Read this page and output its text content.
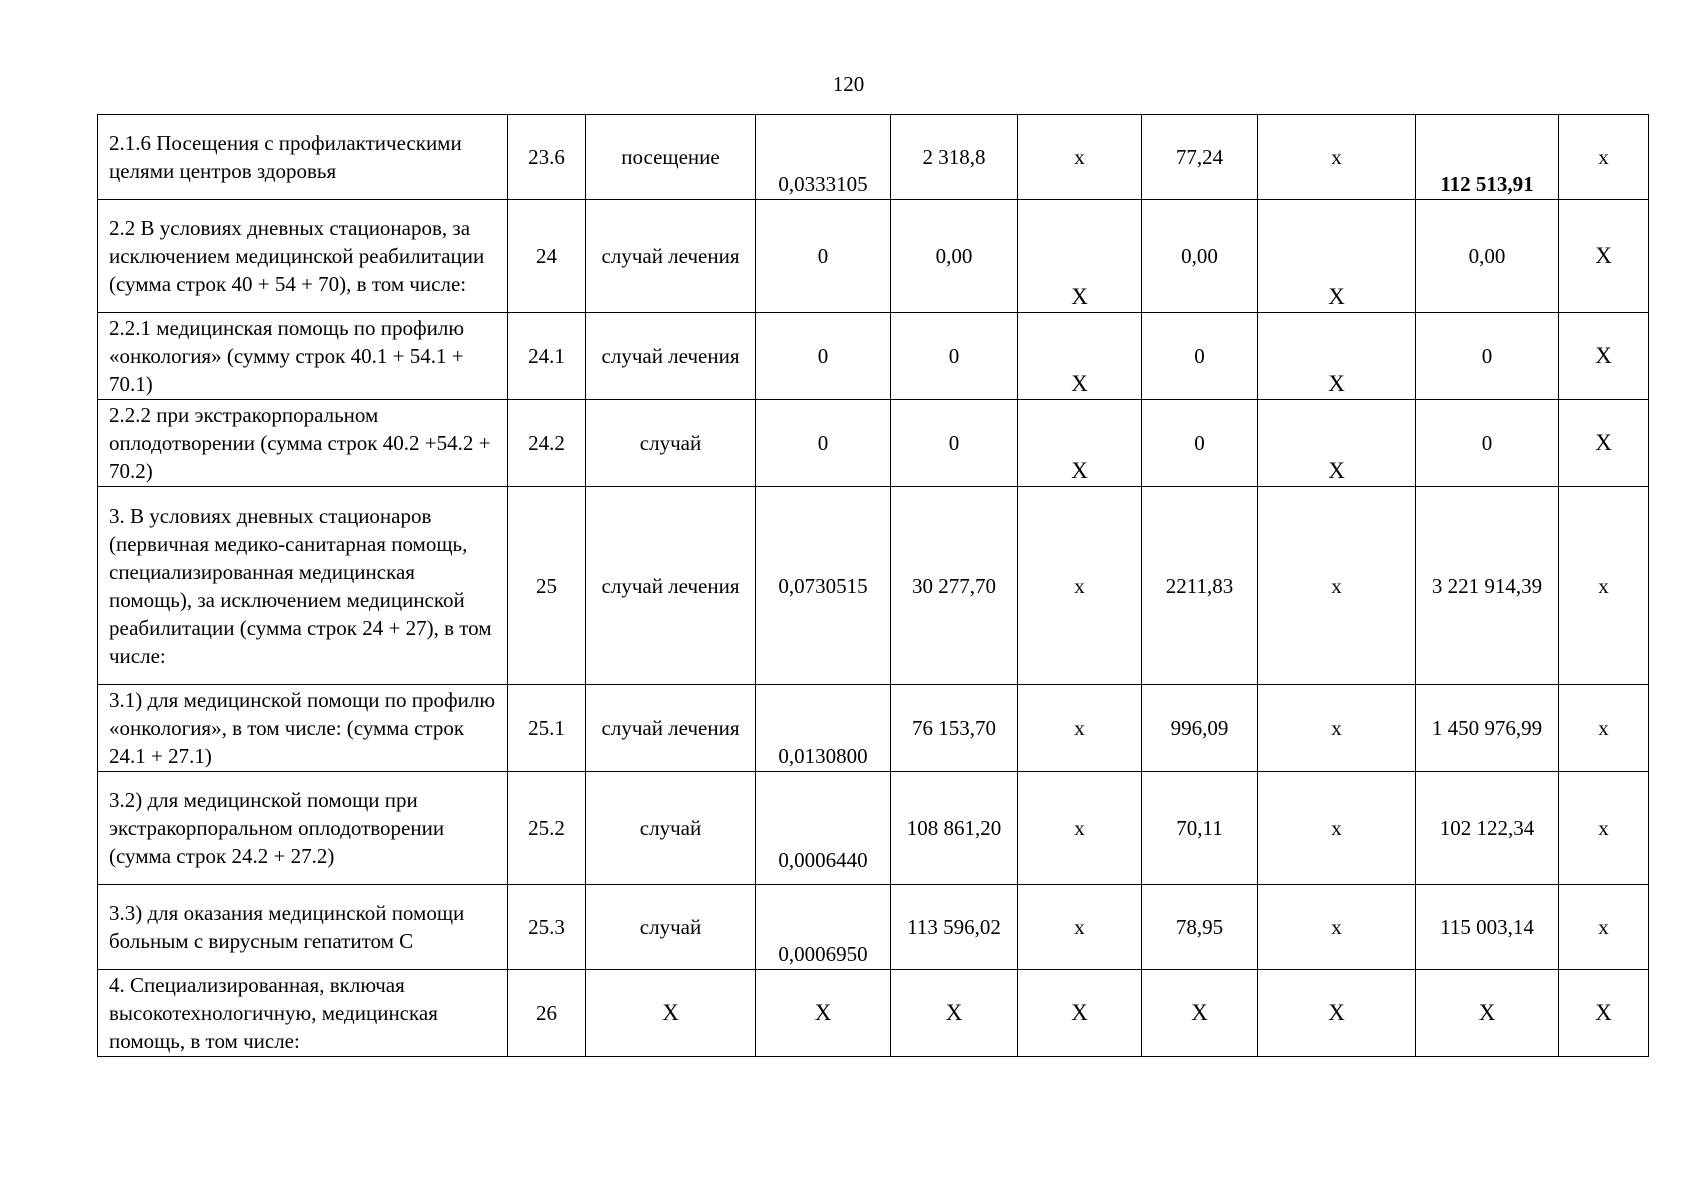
120
2.1.6 Посещения с профилактическими целями центров здоровья	23.6	посещение	0,0333105	2 318,8	x	77,24	x	112 513,91	x
2.2 В условиях дневных стационаров, за исключением медицинской реабилитации (сумма строк 40 + 54 + 70), в том числе:	24	случай лечения	0	0,00	X	0,00	X	0,00	X
2.2.1 медицинская помощь по профилю «онкология» (сумму строк 40.1 + 54.1 + 70.1)	24.1	случай лечения	0	0	X	0	X	0	X
2.2.2 при экстракорпоральном оплодотворении (сумма строк 40.2 +54.2 + 70.2)	24.2	случай	0	0	X	0	X	0	X
3. В условиях дневных стационаров (первичная медико-санитарная помощь, специализированная медицинская помощь), за исключением медицинской реабилитации (сумма строк 24 + 27), в том числе:	25	случай лечения	0,0730515	30 277,70	x	2211,83	x	3 221 914,39	x
3.1) для медицинской помощи по профилю «онкология», в том числе: (сумма строк 24.1 + 27.1)	25.1	случай лечения	0,0130800	76 153,70	x	996,09	x	1 450 976,99	x
3.2) для медицинской помощи при экстракорпоральном оплодотворении (сумма строк 24.2 + 27.2)	25.2	случай	0,0006440	108 861,20	x	70,11	x	102 122,34	x
3.3) для оказания медицинской помощи больным с вирусным гепатитом С	25.3	случай	0,0006950	113 596,02	x	78,95	x	115 003,14	x
4. Специализированная, включая высокотехнологичную, медицинская помощь, в том числе:	26	X	X	X	X	X	X	X	X
